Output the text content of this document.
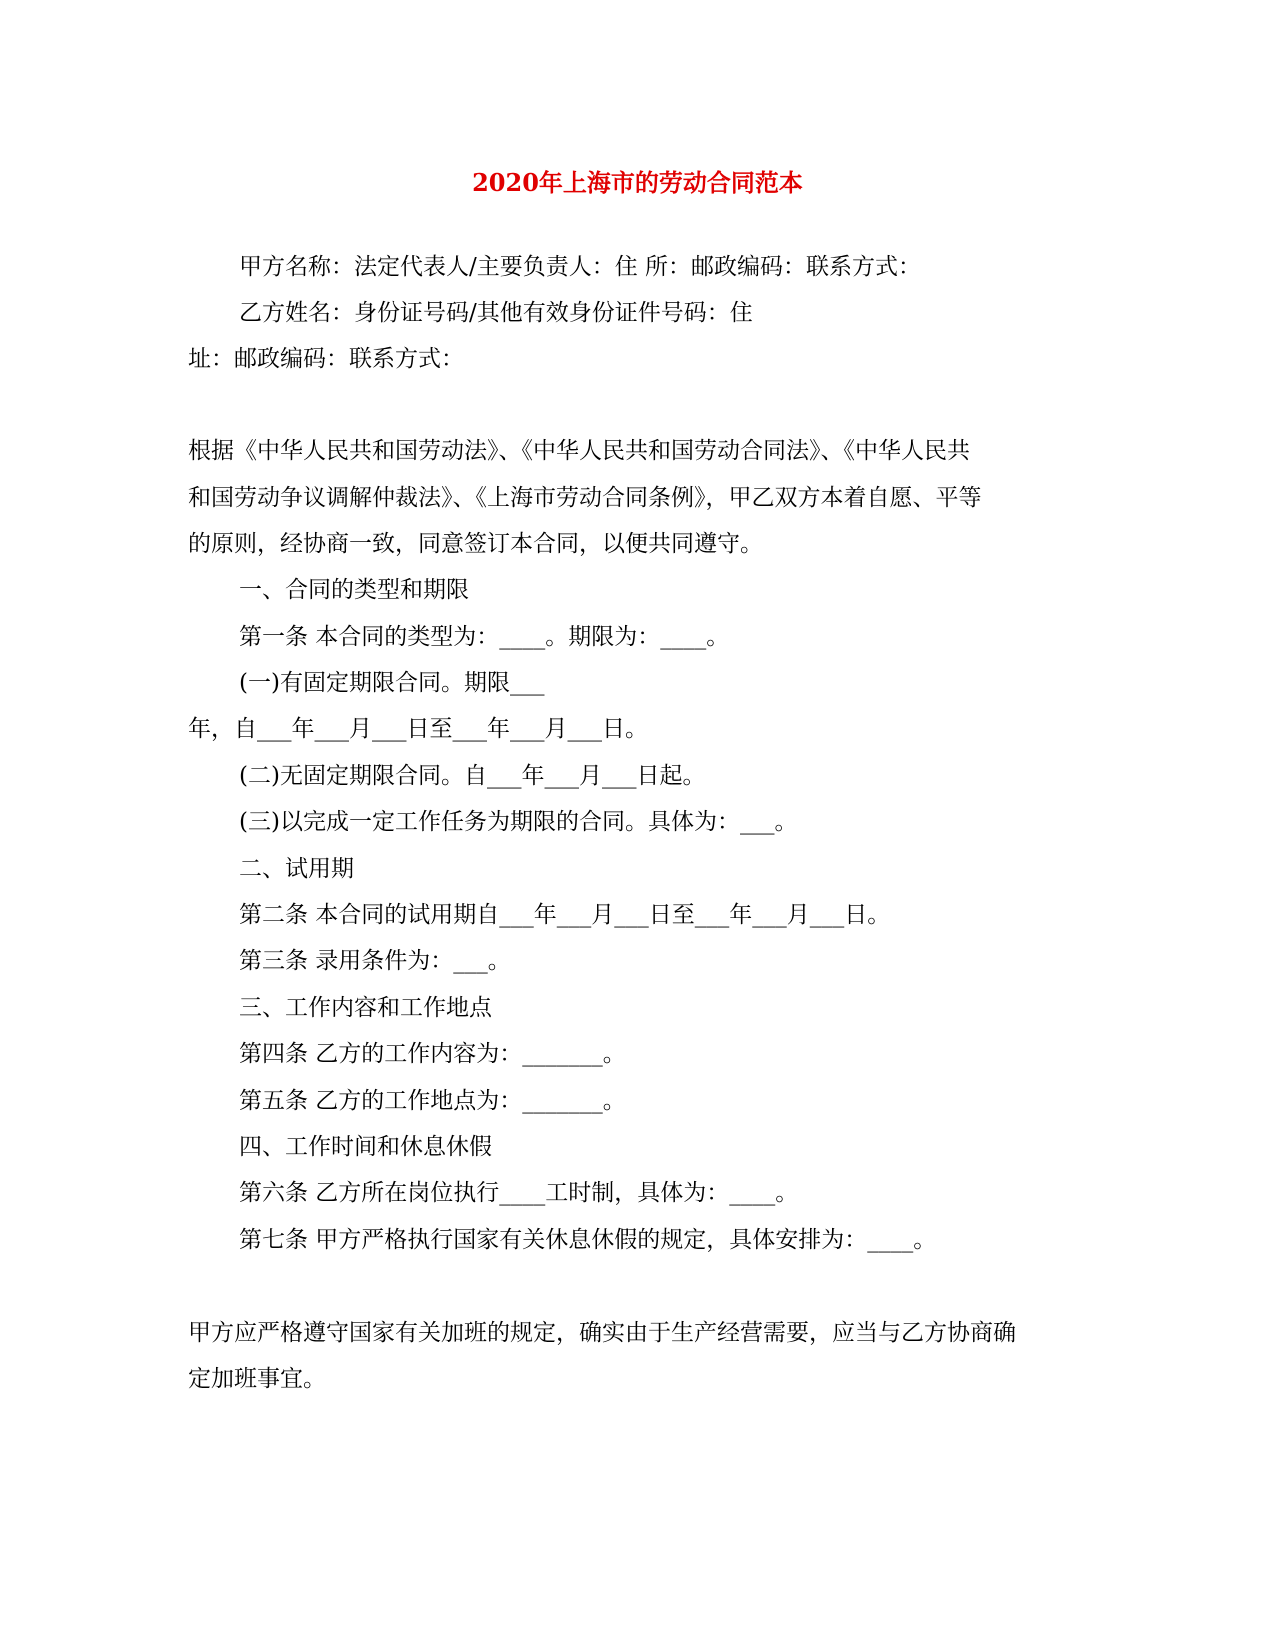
2020年上海市的劳动合同范本
甲方名称：法定代表人/主要负责人：住 所：邮政编码：联系方式：
乙方姓名：身份证号码/其他有效身份证件号码：住
址：邮政编码：联系方式：
根据《中华人民共和国劳动法》、《中华人民共和国劳动合同法》、《中华人民共
和国劳动争议调解仲裁法》、《上海市劳动合同条例》，甲乙双方本着自愿、平等
的原则，经协商一致，同意签订本合同，以便共同遵守。
一、合同的类型和期限
第一条 本合同的类型为：____。期限为：____。
(一)有固定期限合同。期限___
年，自___年___月___日至___年___月___日。
(二)无固定期限合同。自___年___月___日起。
(三)以完成一定工作任务为期限的合同。具体为：___。
二、试用期
第二条 本合同的试用期自___年___月___日至___年___月___日。
第三条 录用条件为：___。
三、工作内容和工作地点
第四条 乙方的工作内容为：_______。
第五条 乙方的工作地点为：_______。
四、工作时间和休息休假
第六条 乙方所在岗位执行____工时制，具体为：____。
第七条 甲方严格执行国家有关休息休假的规定，具体安排为：____。
甲方应严格遵守国家有关加班的规定，确实由于生产经营需要，应当与乙方协商确
定加班事宜。
